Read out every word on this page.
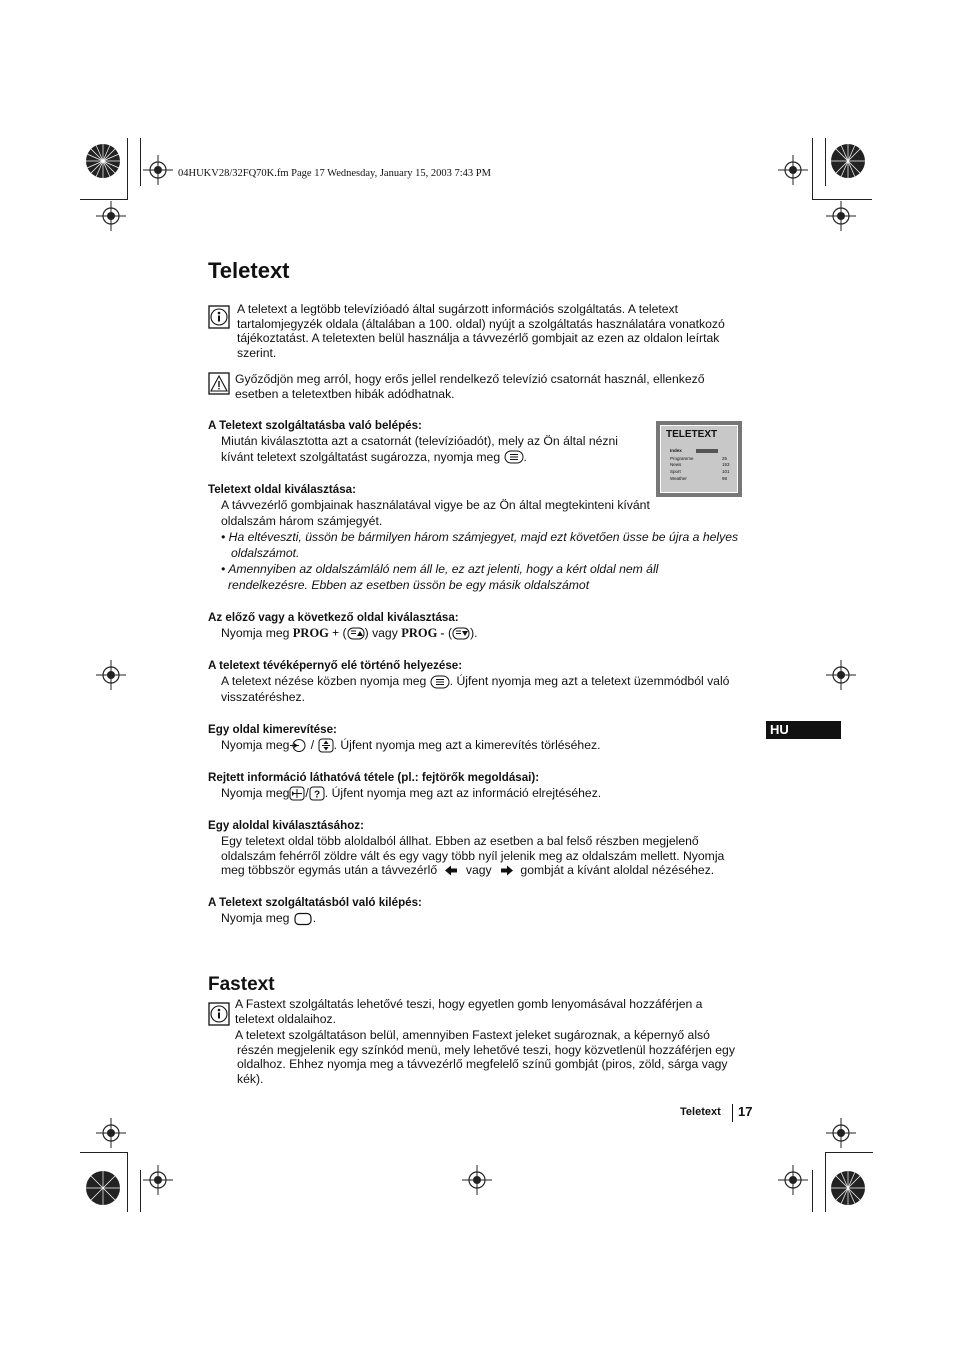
04HUKV28/32FQ70K.fm Page 17 Wednesday, January 15, 2003 7:43 PM
Teletext
A teletext a legtöbb televízióadó által sugárzott információs szolgáltatás. A teletext tartalomjegyzék oldala (általában a 100. oldal) nyújt a szolgáltatás használatára vonatkozó tájékoztatást. A teletexten belül használja a távvezérlő gombjait az ezen az oldalon leírtak szerint.
Győződjön meg arról, hogy erős jellel rendelkező televízió csatornát használ, ellenkező esetben a teletextben hibák adódhatnak.
A Teletext szolgáltatásba való belépés:
Miután kiválasztotta azt a csatornát (televízióadót), mely az Ön által nézni kívánt teletext szolgáltatást sugározza, nyomja meg .
TELETEXT
Index
Programme	25
News	153
Sport	101
Weather	98
Teletext oldal kiválasztása:
A távvezérlő gombjainak használatával vigye be az Ön által megtekinteni kívánt oldalszám három számjegyét.
• Ha eltéveszti, üssön be bármilyen három számjegyet, majd ezt követően üsse be újra a helyes oldalszámot.
• Amennyiben az oldalszámláló nem áll le, ez azt jelenti, hogy a kért oldal nem áll rendelkezésre. Ebben az esetben üssön be egy másik oldalszámot
Az előző vagy a következő oldal kiválasztása:
Nyomja meg PROG + ( ) vagy PROG - ( ).
A teletext tévéképernyő elé történő helyezése:
A teletext nézése közben nyomja meg . Újfent nyomja meg azt a teletext üzemmódból való visszatéréshez.
Egy oldal kimerevítése:
Nyomja meg / . Újfent nyomja meg azt a kimerevítés törléséhez.
Rejtett információ láthatóvá tétele (pl.: fejtörők megoldásai):
Nyomja meg / ? . Újfent nyomja meg azt az információ elrejtéséhez.
Egy aloldal kiválasztásához:
Egy teletext oldal több aloldalból állhat. Ebben az esetben a bal felső részben megjelenő oldalszám fehérről zöldre vált és egy vagy több nyíl jelenik meg az oldalszám mellett. Nyomja meg többször egymás után a távvezérlő vagy gombját a kívánt aloldal nézéséhez.
A Teletext szolgáltatásból való kilépés:
Nyomja meg .
Fastext
A Fastext szolgáltatás lehetővé teszi, hogy egyetlen gomb lenyomásával hozzáférjen a teletext oldalaihoz.
A teletext szolgáltatáson belül, amennyiben Fastext jeleket sugároznak, a képernyő alsó részén megjelenik egy színkód menü, mely lehetővé teszi, hogy közvetlenül hozzáférjen egy oldalhoz. Ehhez nyomja meg a távvezérlő megfelelő színű gombját (piros, zöld, sárga vagy kék).
HU
Teletext 17
